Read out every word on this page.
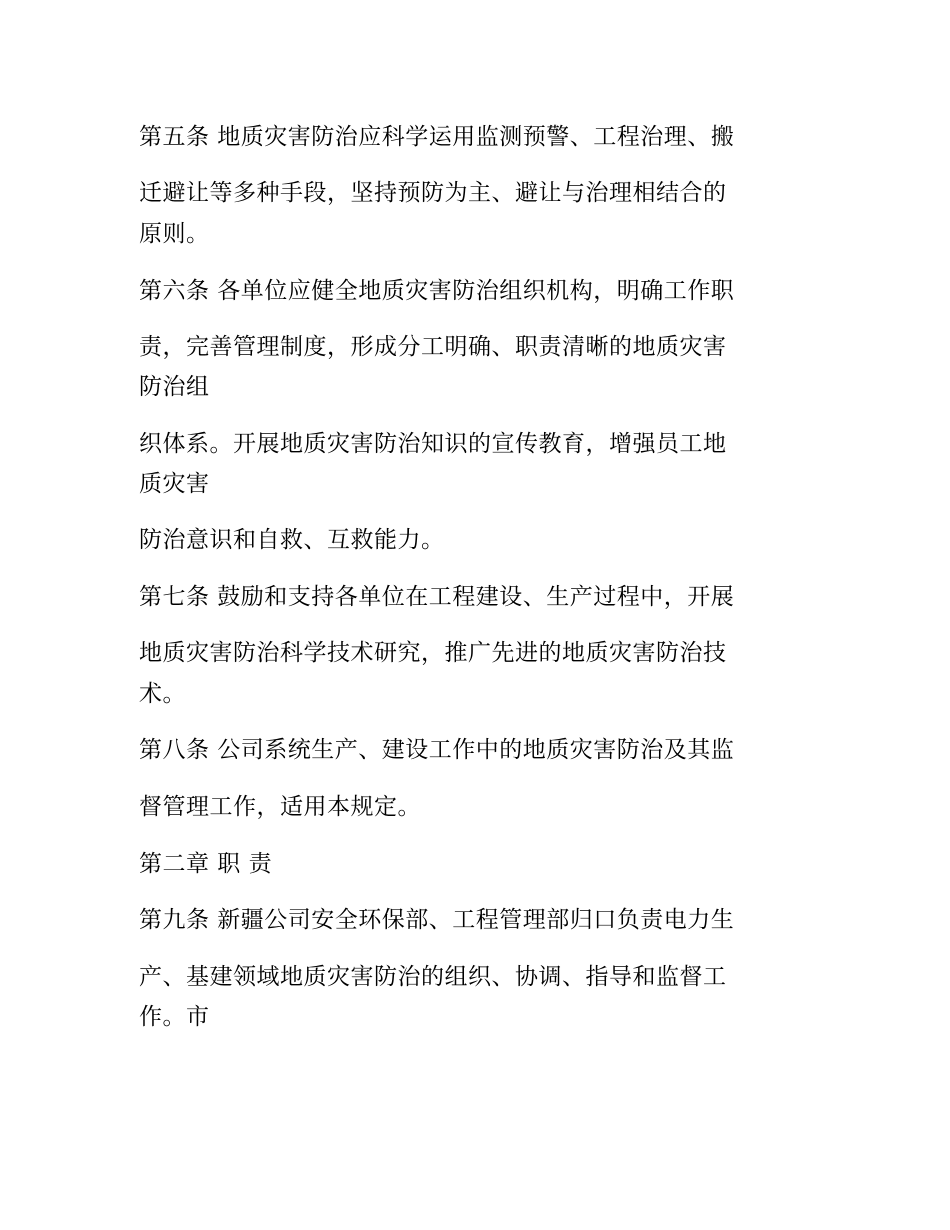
第五条 地质灾害防治应科学运用监测预警、工程治理、搬

迁避让等多种手段，坚持预防为主、避让与治理相结合的

原则。

第六条 各单位应健全地质灾害防治组织机构，明确工作职

责，完善管理制度，形成分工明确、职责清晰的地质灾害

防治组

织体系。开展地质灾害防治知识的宣传教育，增强员工地

质灾害

防治意识和自救、互救能力。

第七条 鼓励和支持各单位在工程建设、生产过程中，开展

地质灾害防治科学技术研究，推广先进的地质灾害防治技

术。

第八条 公司系统生产、建设工作中的地质灾害防治及其监

督管理工作，适用本规定。

第二章 职 责

第九条 新疆公司安全环保部、工程管理部归口负责电力生

产、基建领域地质灾害防治的组织、协调、指导和监督工

作。市
